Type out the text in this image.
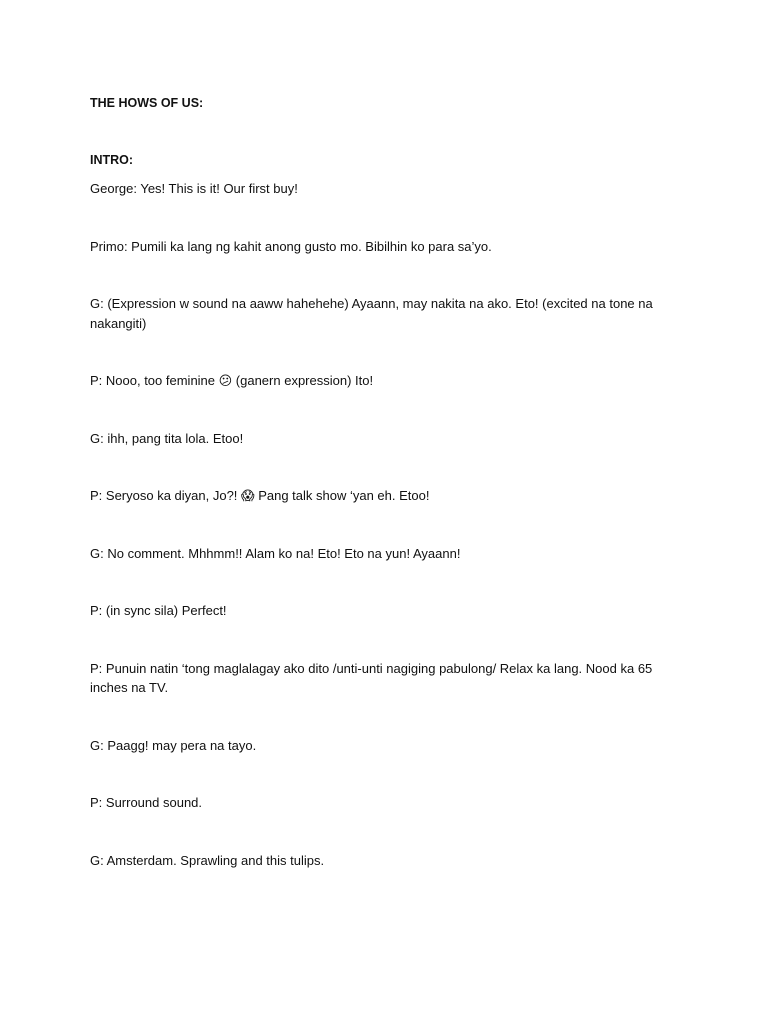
THE HOWS OF US:

INTRO:

George: Yes! This is it! Our first buy!

Primo: Pumili ka lang ng kahit anong gusto mo. Bibilhin ko para sa’yo.

G: (Expression w sound na aaww hahehehe) Ayaann, may nakita na ako. Eto! (excited na tone na nakangiti)

P: Nooo, too feminine 😕 (ganern expression) Ito!

G: ihh, pang tita lola. Etoo!

P: Seryoso ka diyan, Jo?! 😱 Pang talk show ‘yan eh. Etoo!

G: No comment. Mhhmm!! Alam ko na! Eto! Eto na yun! Ayaann!

P: (in sync sila) Perfect!

P: Punuin natin ‘tong maglalagay ako dito /unti-unti nagiging pabulong/ Relax ka lang. Nood ka 65 inches na TV.

G: Paagg! may pera na tayo.

P: Surround sound.

G: Amsterdam. Sprawling and this tulips.
